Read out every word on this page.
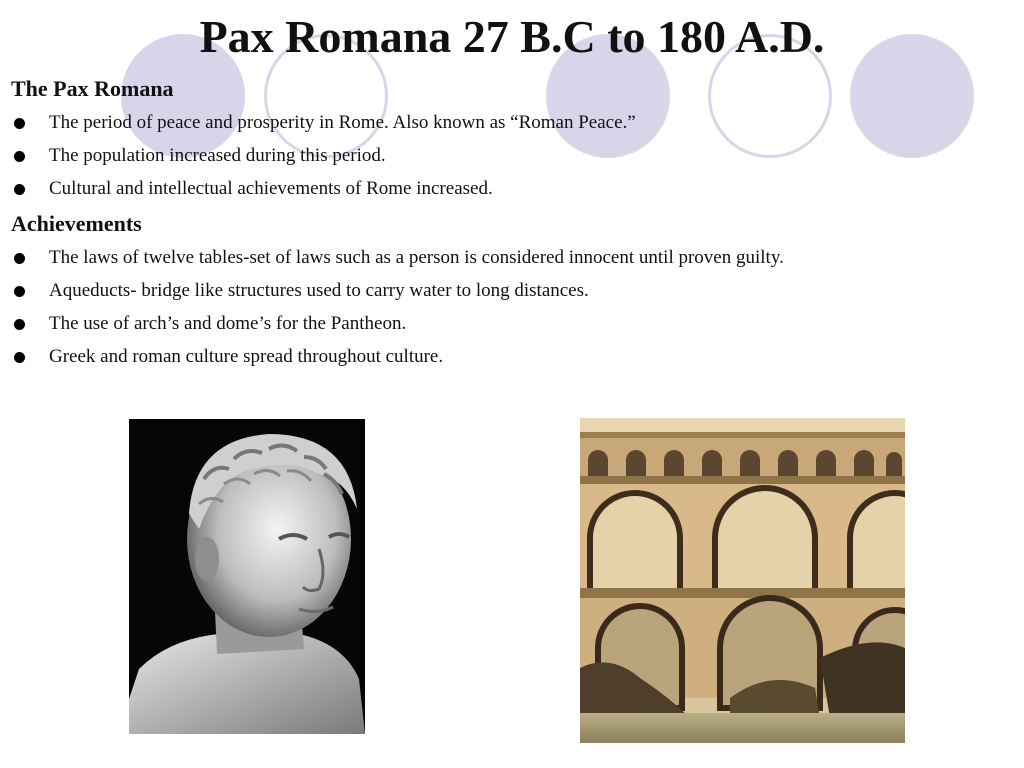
Pax Romana 27 B.C to 180 A.D.

The Pax Romana

The period of peace and prosperity in Rome. Also known as “Roman Peace.”
The population increased during this period.
Cultural and intellectual achievements of Rome increased.

Achievements

The laws of twelve tables-set of laws such as a person is considered innocent until proven guilty.
Aqueducts- bridge like structures used to carry water to long distances.
The use of arch’s and dome’s for the Pantheon.
Greek and roman culture spread throughout culture.
